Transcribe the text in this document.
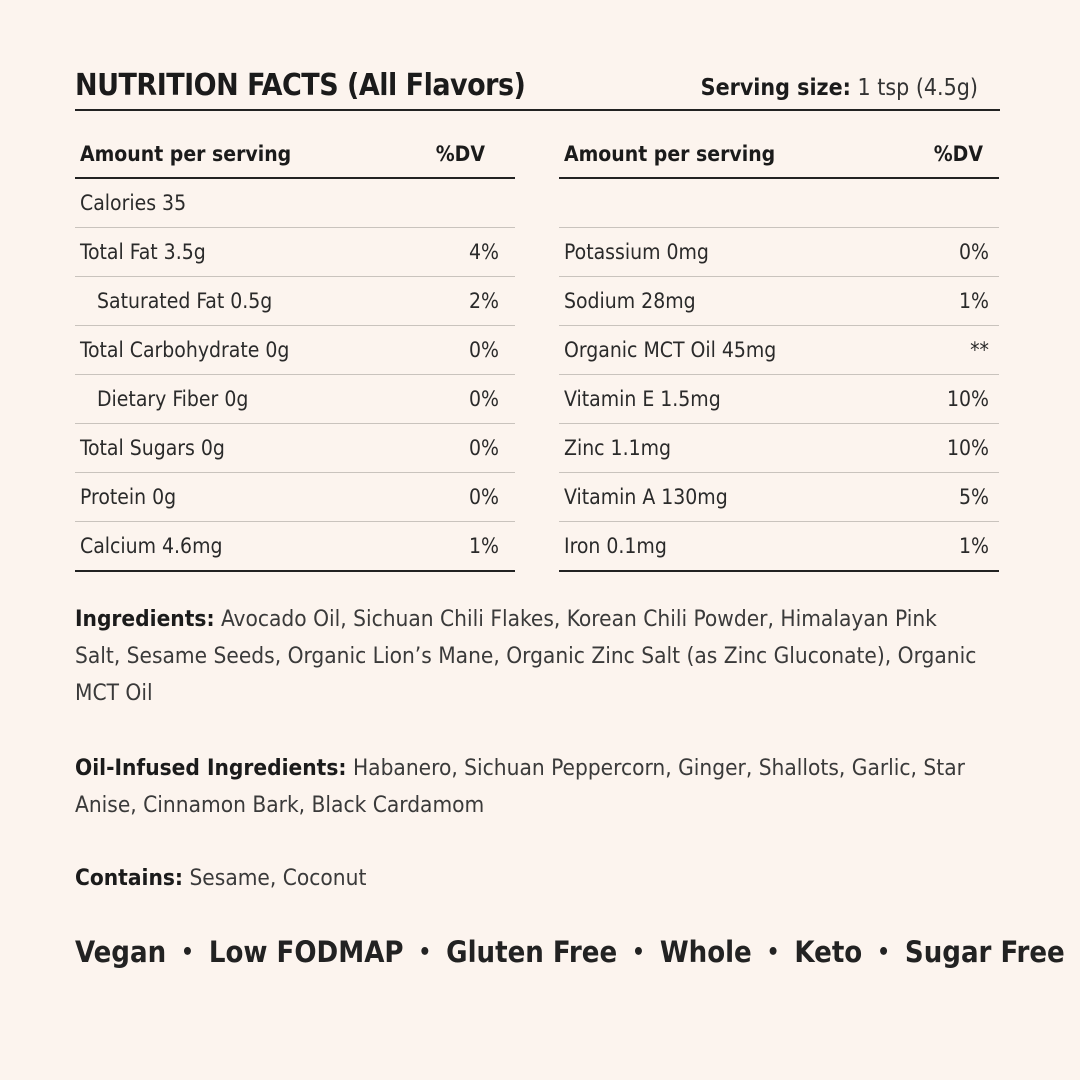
NUTRITION FACTS (All Flavors)	Serving size: 1 tsp (4.5g)
Amount per serving	%DV
Calories 35
Total Fat 3.5g	4%
Saturated Fat 0.5g	2%
Total Carbohydrate 0g	0%
Dietary Fiber 0g	0%
Total Sugars 0g	0%
Protein 0g	0%
Calcium 4.6mg	1%
Amount per serving	%DV
Potassium 0mg	0%
Sodium 28mg	1%
Organic MCT Oil 45mg	**
Vitamin E 1.5mg	10%
Zinc 1.1mg	10%
Vitamin A 130mg	5%
Iron 0.1mg	1%
Ingredients: Avocado Oil, Sichuan Chili Flakes, Korean Chili Powder, Himalayan Pink Salt, Sesame Seeds, Organic Lion’s Mane, Organic Zinc Salt (as Zinc Gluconate), Organic MCT Oil
Oil-Infused Ingredients: Habanero, Sichuan Peppercorn, Ginger, Shallots, Garlic, Star Anise, Cinnamon Bark, Black Cardamom
Contains: Sesame, Coconut
Vegan • Low FODMAP • Gluten Free • Whole • Keto • Sugar Free
